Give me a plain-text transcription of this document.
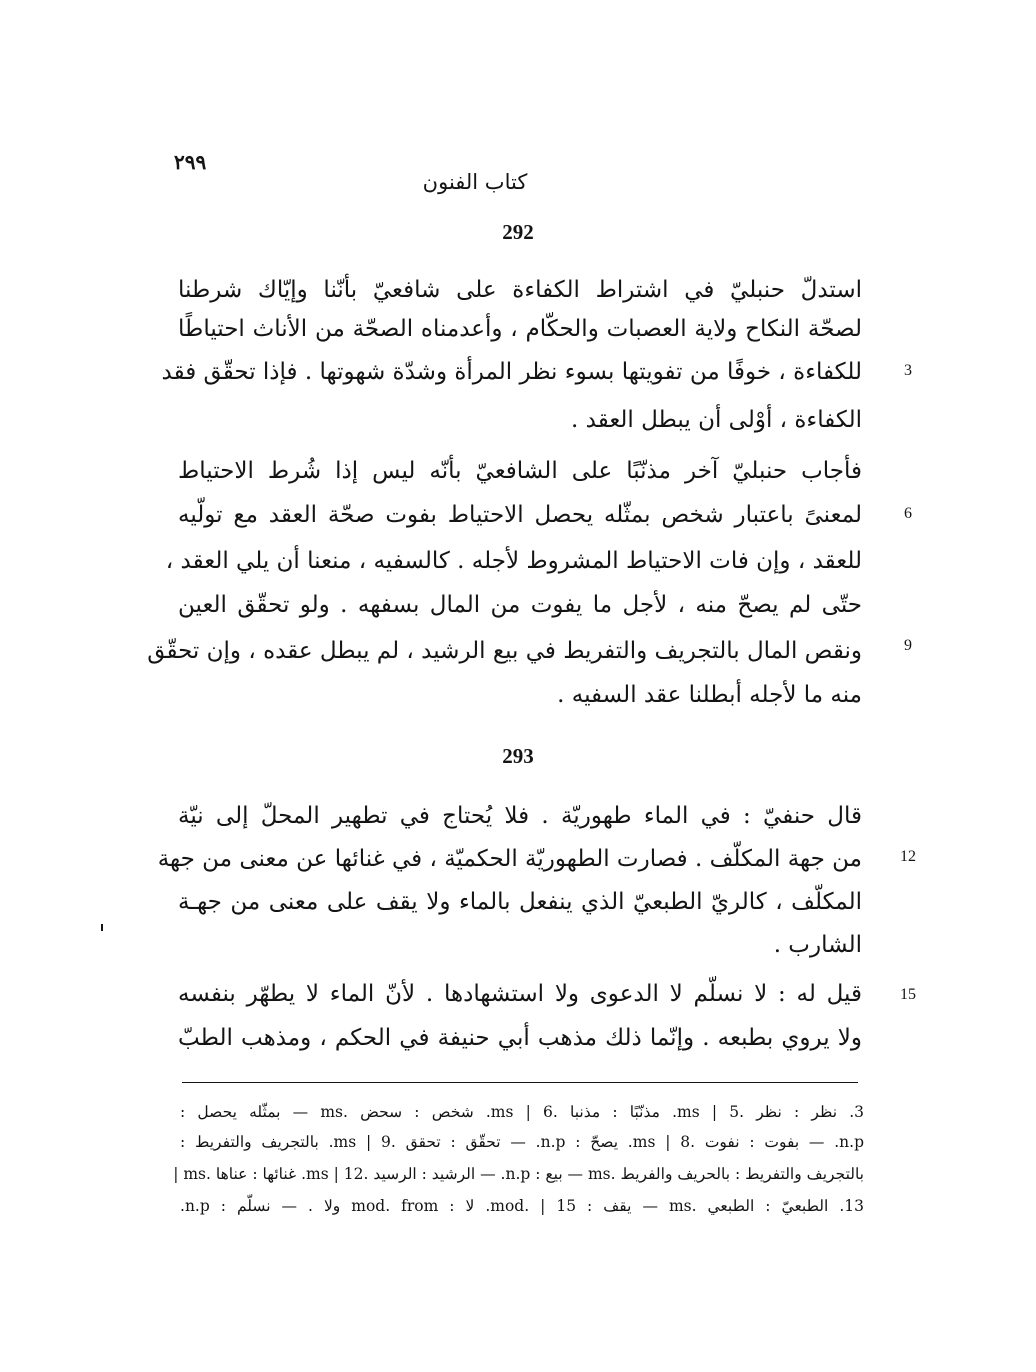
٢٩٩
كتاب الفنون
292
استدلّ حنبليّ في اشتراط الكفاءة على شافعيّ بأنّنا وإيّاك شرطنا
لصحّة النكاح ولاية العصبات والحكّام ، وأعدمناه الصحّة من الأناث احتياطًا
للكفاءة ، خوفًا من تفويتها بسوء نظر المرأة وشدّة شهوتها . فإذا تحقّق فقد
الكفاءة ، أوْلى أن يبطل العقد .
فأجاب حنبليّ آخر مذنّبًا على الشافعيّ بأنّه ليس إذا شُرط الاحتياط
لمعنىً باعتبار شخص بمثّله يحصل الاحتياط بفوت صحّة العقد مع تولّيه
للعقد ، وإن فات الاحتياط المشروط لأجله . كالسفيه ، منعنا أن يلي العقد ،
حتّى لم يصحّ منه ، لأجل ما يفوت من المال بسفهه . ولو تحقّق العين
ونقص المال بالتجريف والتفريط في بيع الرشيد ، لم يبطل عقده ، وإن تحقّق
منه ما لأجله أبطلنا عقد السفيه .
293
قال حنفيّ : في الماء طهوريّة . فلا يُحتاج في تطهير المحلّ إلى نيّة
من جهة المكلّف . فصارت الطهوريّة الحكميّة ، في غنائها عن معنى من جهة
المكلّف ، كالريّ الطبعيّ الذي ينفعل بالماء ولا يقف على معنى من جهـة
الشارب .
قيل له : لا نسلّم لا الدعوى ولا استشهادها . لأنّ الماء لا يطهّر بنفسه
ولا يروي بطبعه . وإنّما ذلك مذهب أبي حنيفة في الحكم ، ومذهب الطبّ
3
6
9
12
15
3. نظر : نظر .ms | 5. مذنّبًا : مذنبا .ms | 6. شخص : سحض .ms — بمثّله يحصل :
n.p. — بفوت : نفوت .ms | 8. يصحّ : n.p. — تحقّق : تحقق .ms | 9. بالتجريف والتفريط :
بالتجريف والتفريط : بالحريف والفريط .ms — بيع : n.p. — الرشيد : الرسيد .ms | 12. غنائها : عناها .ms |
13. الطبعيّ : الطبعي .ms — يقف : mod. | 15. لا : mod. from ولا . — نسلّم : n.p.
